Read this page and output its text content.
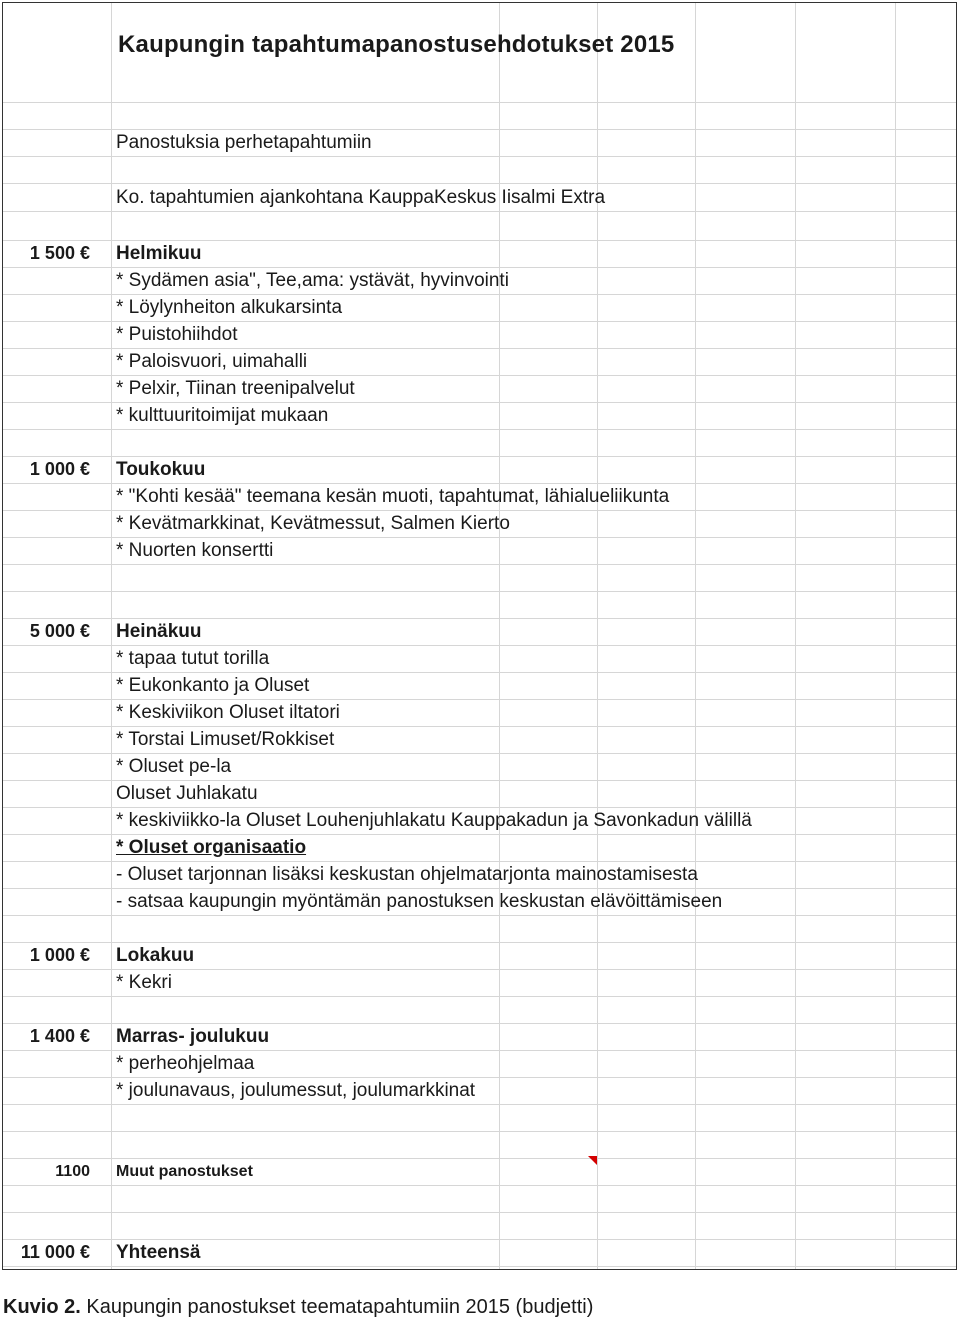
Kaupungin tapahtumapanostusehdotukset 2015
Panostuksia perhetapahtumiin
Ko. tapahtumien ajankohtana KauppaKeskus Iisalmi Extra
1 500 € Helmikuu
* Sydämen asia", Tee,ama: ystävät, hyvinvointi
* Löylynheiton alkukarsinta
* Puistohiihdot
* Paloisvuori, uimahalli
* Pelxir, Tiinan treenipalvelut
* kulttuuritoimijat mukaan
1 000 € Toukokuu
* "Kohti kesää" teemana kesän muoti, tapahtumat, lähialueliikunta
* Kevätmarkkinat, Kevätmessut, Salmen Kierto
* Nuorten konsertti
5 000 € Heinäkuu
* tapaa tutut torilla
* Eukonkanto ja Oluset
* Keskiviikon Oluset iltatori
* Torstai Limuset/Rokkiset
* Oluset pe-la
Oluset Juhlakatu
* keskiviikko-la Oluset Louhenjuhlakatu Kauppakadun ja Savonkadun välillä
* Oluset organisaatio
- Oluset tarjonnan lisäksi keskustan ohjelmatarjonta mainostamisesta
- satsaa kaupungin myöntämän panostuksen keskustan elävöittämiseen
1 000 € Lokakuu
* Kekri
1 400 € Marras- joulukuu
* perheohjelmaa
* joulunavaus, joulumessut, joulumarkkinat
1100 Muut panostukset
11 000 € Yhteensä
Kuvio 2. Kaupungin panostukset teematapahtumiin 2015 (budjetti)
